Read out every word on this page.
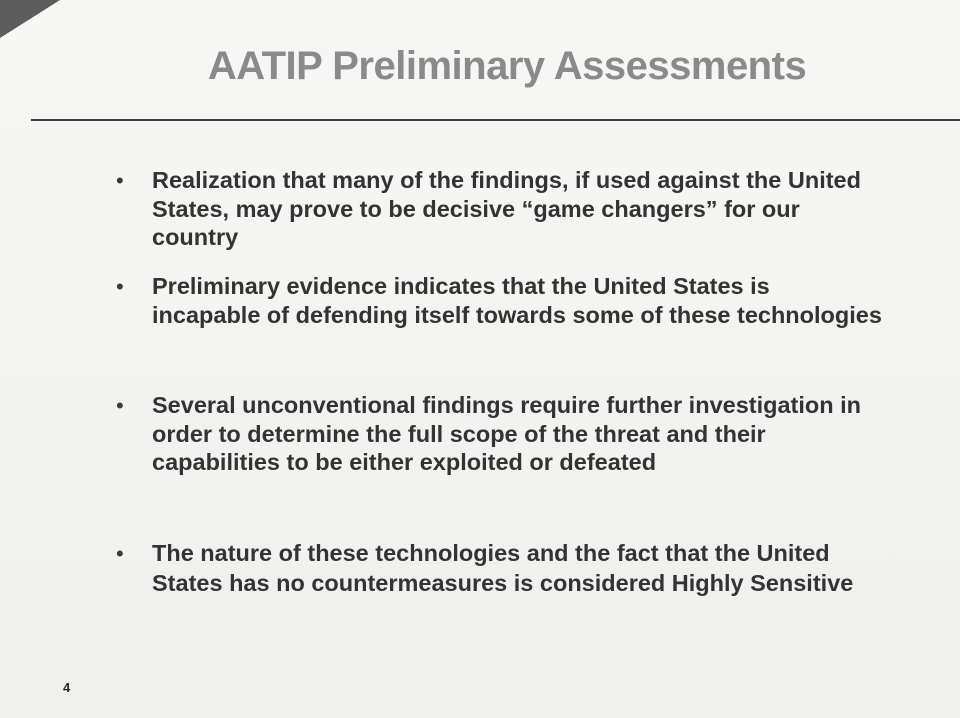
AATIP Preliminary Assessments
• Realization that many of the findings, if used against the United States, may prove to be decisive “game changers” for our country
• Preliminary evidence indicates that the United States is incapable of defending itself towards some of these technologies
• Several unconventional findings require further investigation in order to determine the full scope of the threat and their capabilities to be either exploited or defeated
• The nature of these technologies and the fact that the United States has no countermeasures is considered Highly Sensitive
4
